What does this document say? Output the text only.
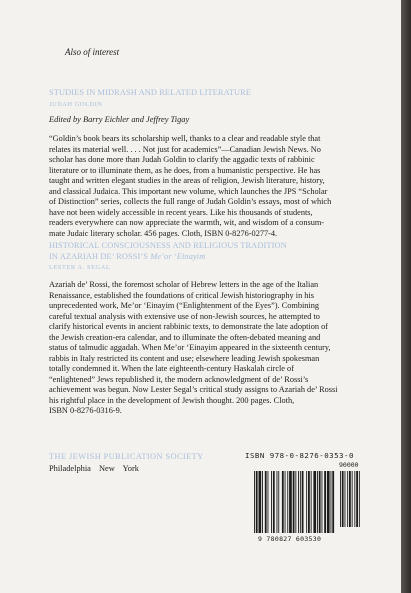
Also of interest
STUDIES IN MIDRASH AND RELATED LITERATURE
JUDAH GOLDIN
Edited by Barry Eichler and Jeffrey Tigay
“Goldin’s book bears its scholarship well, thanks to a clear and readable style that
relates its material well. . . . Not just for academics”—Canadian Jewish News. No
scholar has done more than Judah Goldin to clarify the aggadic texts of rabbinic
literature or to illuminate them, as he does, from a humanistic perspective. He has
taught and written elegant studies in the areas of religion, Jewish literature, history,
and classical Judaica. This important new volume, which launches the JPS “Scholar
of Distinction” series, collects the full range of Judah Goldin’s essays, most of which
have not been widely accessible in recent years. Like his thousands of students,
readers everywhere can now appreciate the warmth, wit, and wisdom of a consum-
mate Judaic literary scholar. 456 pages. Cloth, ISBN 0-8276-0277-4.
HISTORICAL CONSCIOUSNESS AND RELIGIOUS TRADITION
IN AZARIAH DE’ ROSSI’S Me’or ‘Einayim
LESTER A. SEGAL
Azariah de’ Rossi, the foremost scholar of Hebrew letters in the age of the Italian
Renaissance, established the foundations of critical Jewish historiography in his
unprecedented work, Me’or ‘Einayim (“Enlightenment of the Eyes”). Combining
careful textual analysis with extensive use of non-Jewish sources, he attempted to
clarify historical events in ancient rabbinic texts, to demonstrate the late adoption of
the Jewish creation-era calendar, and to illuminate the often-debated meaning and
status of talmudic aggadah. When Me’or ‘Einayim appeared in the sixteenth century,
rabbis in Italy restricted its content and use; elsewhere leading Jewish spokesman
totally condemned it. When the late eighteenth-century Haskalah circle of
“enlightened” Jews republished it, the modern acknowledgment of de’ Rossi’s
achievement was begun. Now Lester Segal’s critical study assigns to Azariah de’ Rossi
his rightful place in the development of Jewish thought. 200 pages. Cloth,
ISBN 0-8276-0316-9.
THE JEWISH PUBLICATION SOCIETY
Philadelphia New York
ISBN 978-0-8276-0353-0
9 780827 603530
90000
